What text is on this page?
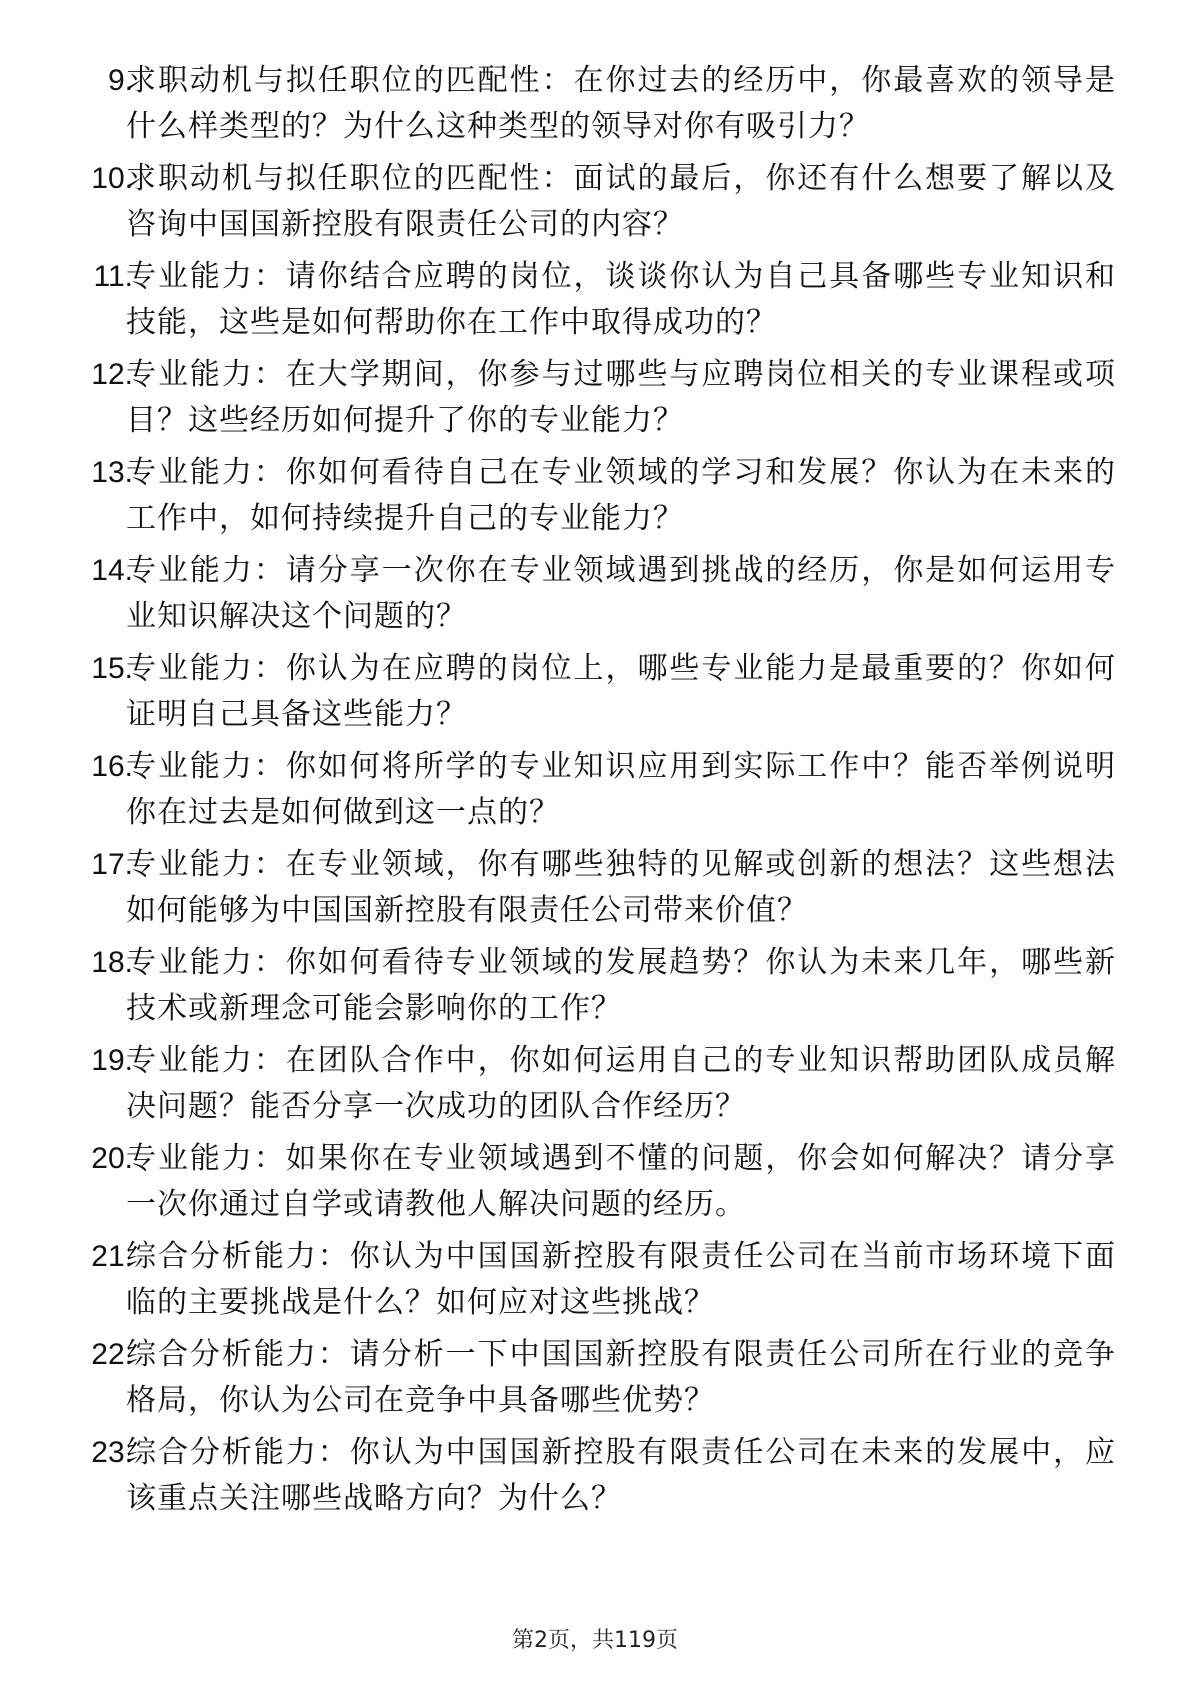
9.

求职动机与拟任职位的匹配性：在你过去的经历中，你最喜欢的领导是什么样类型的？为什么这种类型的领导对你有吸引力？

10.

求职动机与拟任职位的匹配性：面试的最后，你还有什么想要了解以及咨询中国国新控股有限责任公司的内容？

11.

专业能力：请你结合应聘的岗位，谈谈你认为自己具备哪些专业知识和技能，这些是如何帮助你在工作中取得成功的？

12.

专业能力：在大学期间，你参与过哪些与应聘岗位相关的专业课程或项目？这些经历如何提升了你的专业能力？

13.

专业能力：你如何看待自己在专业领域的学习和发展？你认为在未来的工作中，如何持续提升自己的专业能力？

14.

专业能力：请分享一次你在专业领域遇到挑战的经历，你是如何运用专业知识解决这个问题的？

15.

专业能力：你认为在应聘的岗位上，哪些专业能力是最重要的？你如何证明自己具备这些能力？

16.

专业能力：你如何将所学的专业知识应用到实际工作中？能否举例说明你在过去是如何做到这一点的？

17.

专业能力：在专业领域，你有哪些独特的见解或创新的想法？这些想法如何能够为中国国新控股有限责任公司带来价值？

18.

专业能力：你如何看待专业领域的发展趋势？你认为未来几年，哪些新技术或新理念可能会影响你的工作？

19.

专业能力：在团队合作中，你如何运用自己的专业知识帮助团队成员解决问题？能否分享一次成功的团队合作经历？

20.

专业能力：如果你在专业领域遇到不懂的问题，你会如何解决？请分享一次你通过自学或请教他人解决问题的经历。

21.

综合分析能力：你认为中国国新控股有限责任公司在当前市场环境下面临的主要挑战是什么？如何应对这些挑战？

22.

综合分析能力：请分析一下中国国新控股有限责任公司所在行业的竞争格局，你认为公司在竞争中具备哪些优势？

23.

综合分析能力：你认为中国国新控股有限责任公司在未来的发展中，应该重点关注哪些战略方向？为什么？

第2页，共119页
